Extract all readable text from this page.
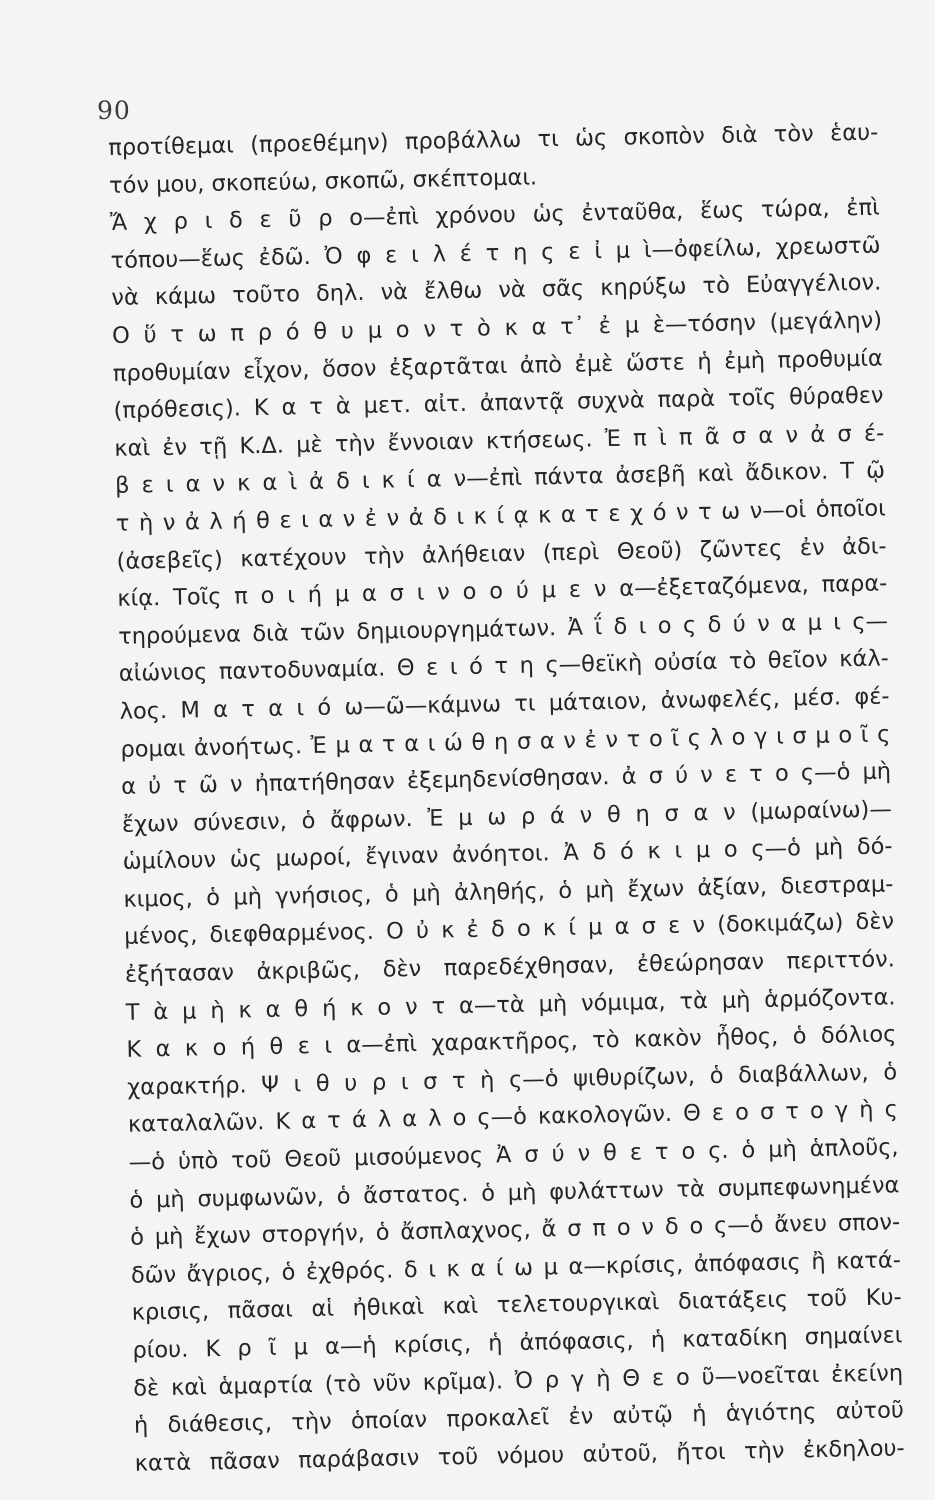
90
προτίθεμαι (προεθέμην) προβάλλω τι ὡς σκοπὸν διὰ τὸν ἑαυ-
τόν μου, σκοπεύω, σκοπῶ, σκέπτομαι.
Ἄ χ ρ ι δ ε ῦ ρ ο—ἐπὶ χρόνου ὡς ἐνταῦθα, ἕως τώρα, ἐπὶ
τόπου—ἕως ἐδῶ. Ὀ φ ε ι λ έ τ η ς ε ἰ μ ὶ—ὀφείλω, χρεωστῶ
νὰ κάμω τοῦτο δηλ. νὰ ἔλθω νὰ σᾶς κηρύξω τὸ Εὐαγγέλιον.
Ο ὕ τ ω π ρ ό θ υ μ ο ν τ ὸ κ α τ᾿ ἐ μ ὲ—τόσην (μεγάλην)
προθυμίαν εἶχον, ὅσον ἐξαρτᾶται ἀπὸ ἐμὲ ὥστε ἡ ἐμὴ προθυμία
(πρόθεσις). Κ α τ ὰ μετ. αἰτ. ἀπαντᾷ συχνὰ παρὰ τοῖς θύραθεν
καὶ ἐν τῇ Κ.Δ. μὲ τὴν ἔννοιαν κτήσεως. Ἐ π ὶ π ᾶ σ α ν ἀ σ έ-
β ε ι α ν κ α ὶ ἀ δ ι κ ί α ν—ἐπὶ πάντα ἀσεβῆ καὶ ἄδικον. Τ ῷ
τ ὴ ν ἀ λ ή θ ε ι α ν ἐ ν ἀ δ ι κ ί ᾳ κ α τ ε χ ό ν τ ω ν—οἱ ὁποῖοι
(ἀσεβεῖς) κατέχουν τὴν ἀλήθειαν (περὶ Θεοῦ) ζῶντες ἐν ἀδι-
κίᾳ. Τοῖς π ο ι ή μ α σ ι ν ο ο ύ μ ε ν α—ἐξεταζόμενα, παρα-
τηρούμενα διὰ τῶν δημιουργημάτων. Ἀ ΐ δ ι ο ς δ ύ ν α μ ι ς—
αἰώνιος παντοδυναμία. Θ ε ι ό τ η ς—θεϊκὴ οὐσία τὸ θεῖον κάλ-
λος. Μ α τ α ι ό ω—ῶ—κάμνω τι μάταιον, ἀνωφελές, μέσ. φέ-
ρομαι ἀνοήτως. Ἐ μ α τ α ι ώ θ η σ α ν ἐ ν τ ο ῖ ς λ ο γ ι σ μ ο ῖ ς
α ὐ τ ῶ ν ἠπατήθησαν ἐξεμηδενίσθησαν. ἀ σ ύ ν ε τ ο ς—ὁ μὴ
ἔχων σύνεσιν, ὁ ἄφρων. Ἐ μ ω ρ ά ν θ η σ α ν (μωραίνω)—
ὡμίλουν ὡς μωροί, ἔγιναν ἀνόητοι. Ἀ δ ό κ ι μ ο ς—ὁ μὴ δό-
κιμος, ὁ μὴ γνήσιος, ὁ μὴ ἀληθής, ὁ μὴ ἔχων ἀξίαν, διεστραμ-
μένος, διεφθαρμένος. Ο ὐ κ ἐ δ ο κ ί μ α σ ε ν (δοκιμάζω) δὲν
ἐξήτασαν ἀκριβῶς, δὲν παρεδέχθησαν, ἐθεώρησαν περιττόν.
Τ ὰ μ ὴ κ α θ ή κ ο ν τ α—τὰ μὴ νόμιμα, τὰ μὴ ἁρμόζοντα.
Κ α κ ο ή θ ε ι α—ἐπὶ χαρακτῆρος, τὸ κακὸν ἦθος, ὁ δόλιος
χαρακτήρ. Ψ ι θ υ ρ ι σ τ ὴ ς—ὁ ψιθυρίζων, ὁ διαβάλλων, ὁ
καταλαλῶν. Κ α τ ά λ α λ ο ς—ὁ κακολογῶν. Θ ε ο σ τ ο γ ὴ ς
—ὁ ὑπὸ τοῦ Θεοῦ μισούμενος Ἀ σ ύ ν θ ε τ ο ς. ὁ μὴ ἁπλοῦς,
ὁ μὴ συμφωνῶν, ὁ ἄστατος. ὁ μὴ φυλάττων τὰ συμπεφωνημένα
ὁ μὴ ἔχων στοργήν, ὁ ἄσπλαχνος, ἄ σ π ο ν δ ο ς—ὁ ἄνευ σπον-
δῶν ἄγριος, ὁ ἐχθρός. δ ι κ α ί ω μ α—κρίσις, ἀπόφασις ἢ κατά-
κρισις, πᾶσαι αἱ ἠθικαὶ καὶ τελετουργικαὶ διατάξεις τοῦ Κυ-
ρίου. Κ ρ ῖ μ α—ἡ κρίσις, ἡ ἀπόφασις, ἡ καταδίκη σημαίνει
δὲ καὶ ἁμαρτία (τὸ νῦν κρῖμα). Ὀ ρ γ ὴ Θ ε ο ῦ—νοεῖται ἐκείνη
ἡ διάθεσις, τὴν ὁποίαν προκαλεῖ ἐν αὐτῷ ἡ ἁγιότης αὐτοῦ
κατὰ πᾶσαν παράβασιν τοῦ νόμου αὐτοῦ, ἤτοι τὴν ἐκδηλου-
